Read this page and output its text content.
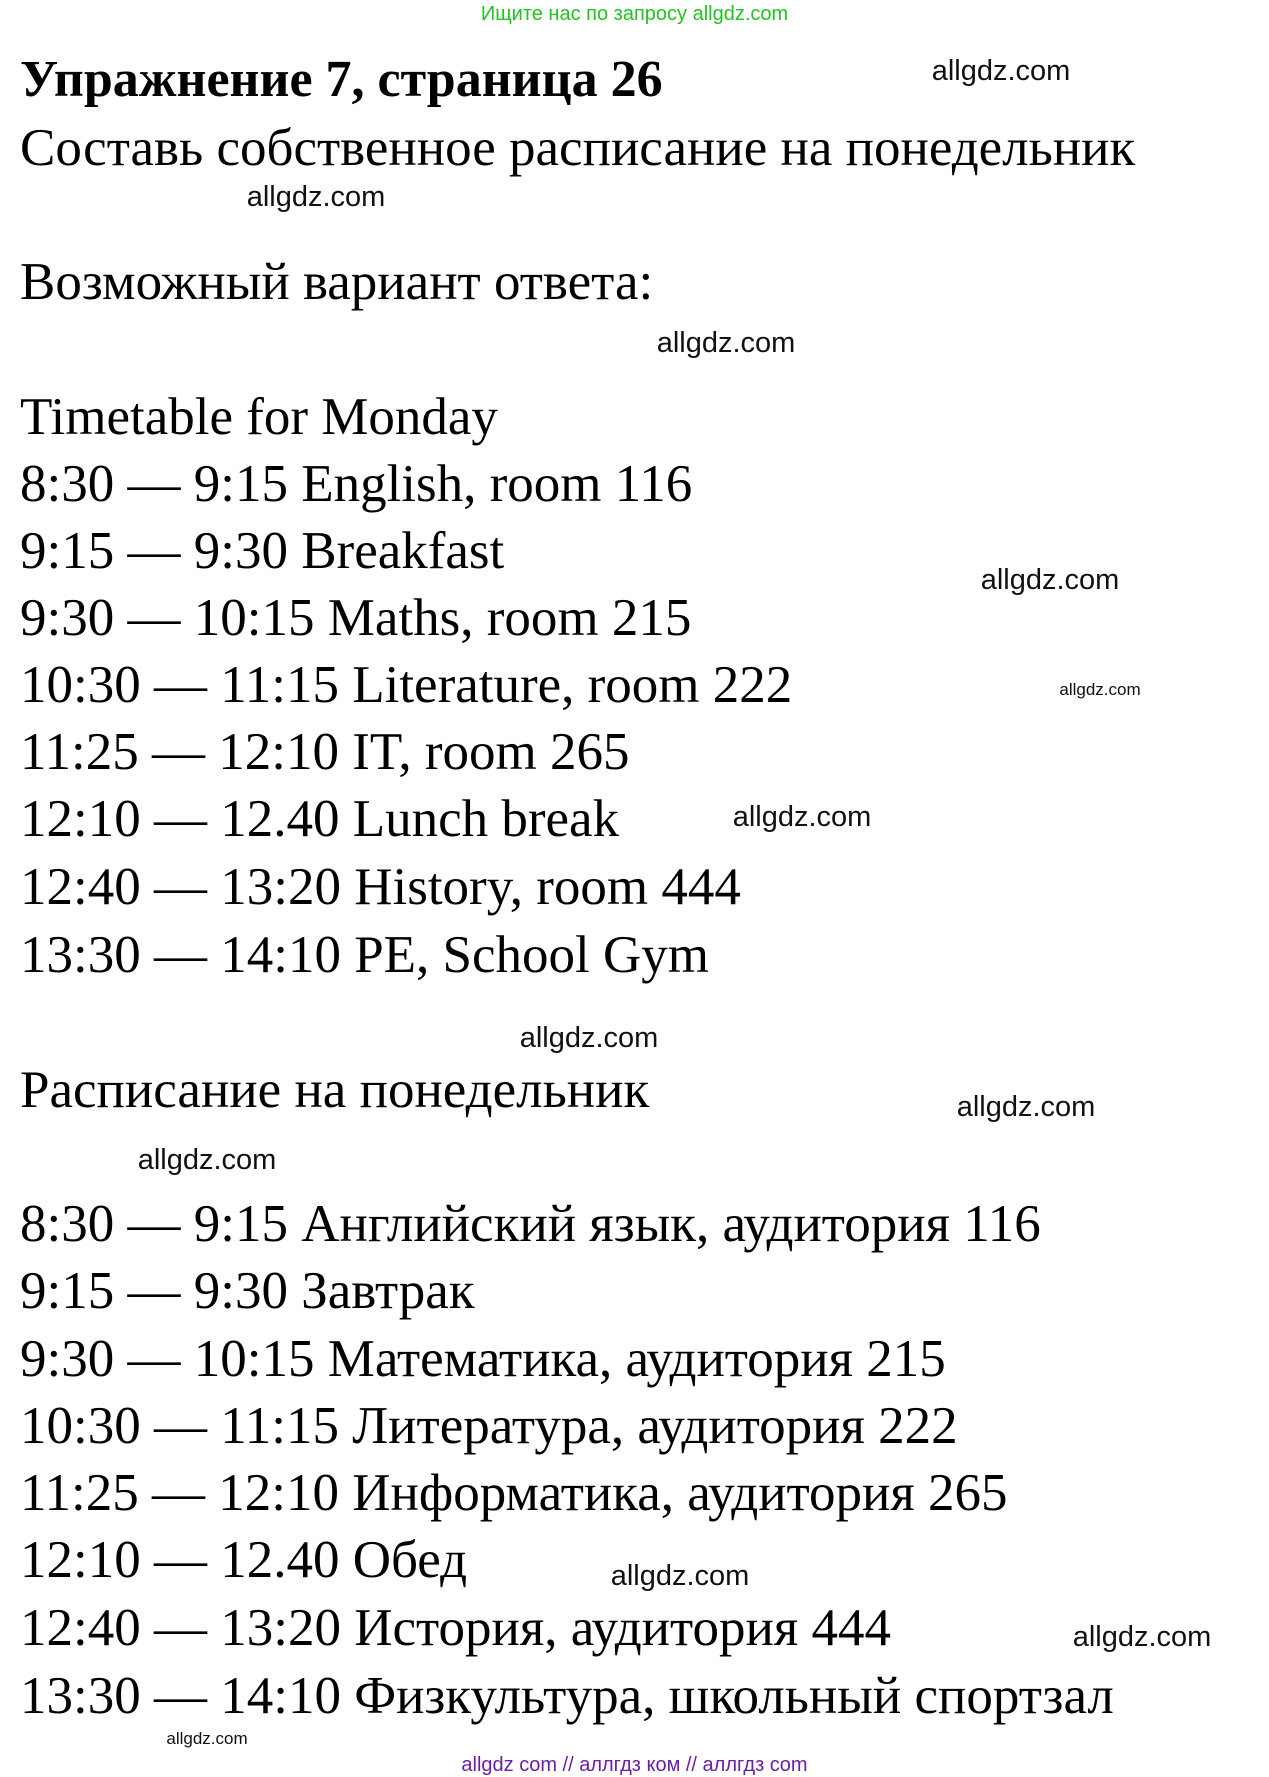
Ищите нас по запросу allgdz.com
Упражнение 7, страница 26
Составь собственное расписание на понедельник
Возможный вариант ответа:
Timetable for Monday
8:30 — 9:15 English, room 116
9:15 — 9:30 Breakfast
9:30 — 10:15 Maths, room 215
10:30 — 11:15 Literature, room 222
11:25 — 12:10 IT, room 265
12:10 — 12.40 Lunch break
12:40 — 13:20 History, room 444
13:30 — 14:10 PE, School Gym
Расписание на понедельник
8:30 — 9:15 Английский язык, аудитория 116
9:15 — 9:30 Завтрак
9:30 — 10:15 Математика, аудитория 215
10:30 — 11:15 Литература, аудитория 222
11:25 — 12:10 Информатика, аудитория 265
12:10 — 12.40 Обед
12:40 — 13:20 История, аудитория 444
13:30 — 14:10 Физкультура, школьный спортзал
allgdz.com
allgdz.com
allgdz.com
allgdz.com
allgdz.com
allgdz.com
allgdz.com
allgdz.com
allgdz.com
allgdz.com
allgdz.com
allgdz.com
allgdz com // аллгдз ком // аллгдз com
